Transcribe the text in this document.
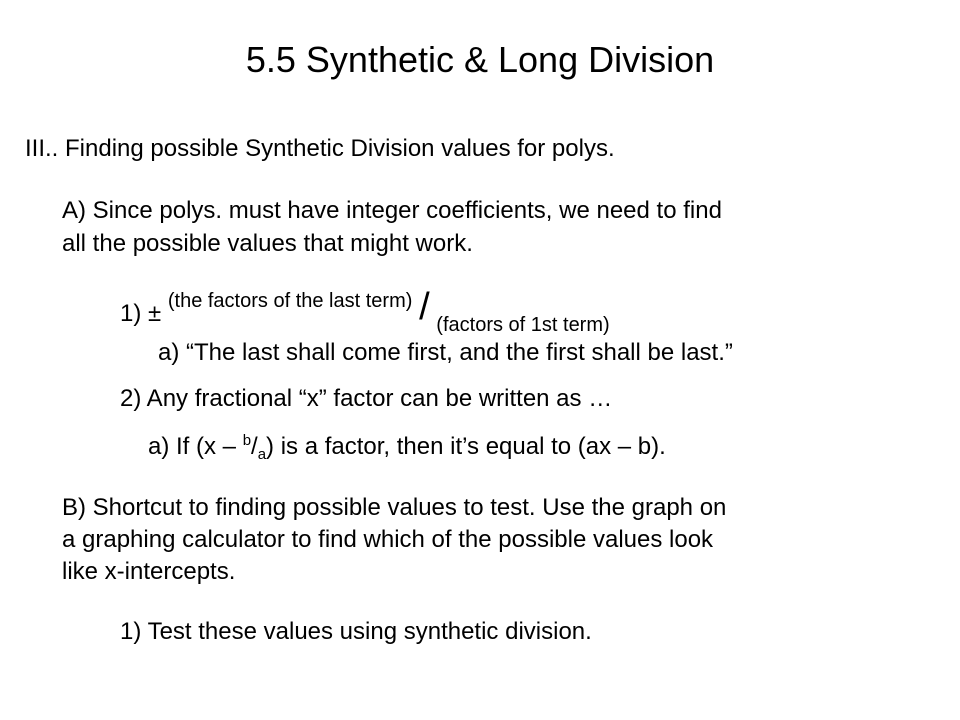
5.5 Synthetic & Long Division
III.. Finding possible Synthetic Division values for polys.
A) Since polys. must have integer coefficients, we need to find
all the possible values that might work.
1) ± $^{(the factors of the last term)}$ / $_{(factors of 1st term)}$
a) “The last shall come first, and the first shall be last.”
2) Any fractional “x” factor can be written as …
a) If $(x - ^b/_a)$ is a factor, then it’s equal to (ax – b).
B) Shortcut to finding possible values to test. Use the graph on
a graphing calculator to find which of the possible values look
like x-intercepts.
1) Test these values using synthetic division.
